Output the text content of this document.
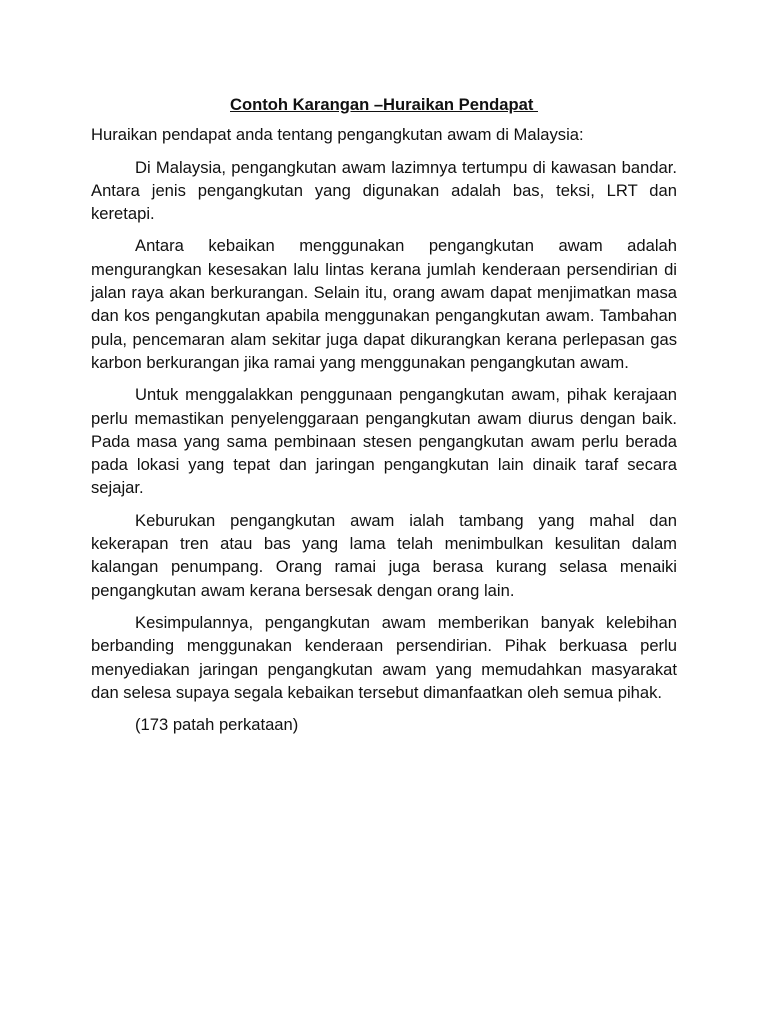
Contoh Karangan –Huraikan Pendapat

Huraikan pendapat anda tentang pengangkutan awam di Malaysia:

Di Malaysia, pengangkutan awam lazimnya tertumpu di kawasan bandar. Antara jenis pengangkutan yang digunakan adalah bas, teksi, LRT dan keretapi.

Antara kebaikan menggunakan pengangkutan awam adalah mengurangkan kesesakan lalu lintas kerana jumlah kenderaan persendirian di jalan raya akan berkurangan. Selain itu, orang awam dapat menjimatkan masa dan kos pengangkutan apabila menggunakan pengangkutan awam. Tambahan pula, pencemaran alam sekitar juga dapat dikurangkan kerana perlepasan gas karbon berkurangan jika ramai yang menggunakan pengangkutan awam.

Untuk menggalakkan penggunaan pengangkutan awam, pihak kerajaan perlu memastikan penyelenggaraan pengangkutan awam diurus dengan baik. Pada masa yang sama pembinaan stesen pengangkutan awam perlu berada pada lokasi yang tepat dan jaringan pengangkutan lain dinaik taraf secara sejajar.

Keburukan pengangkutan awam ialah tambang yang mahal dan kekerapan tren atau bas yang lama telah menimbulkan kesulitan dalam kalangan penumpang. Orang ramai juga berasa kurang selasa menaiki pengangkutan awam kerana bersesak dengan orang lain.

Kesimpulannya, pengangkutan awam memberikan banyak kelebihan berbanding menggunakan kenderaan persendirian. Pihak berkuasa perlu menyediakan jaringan pengangkutan awam yang memudahkan masyarakat dan selesa supaya segala kebaikan tersebut dimanfaatkan oleh semua pihak.

(173 patah perkataan)
